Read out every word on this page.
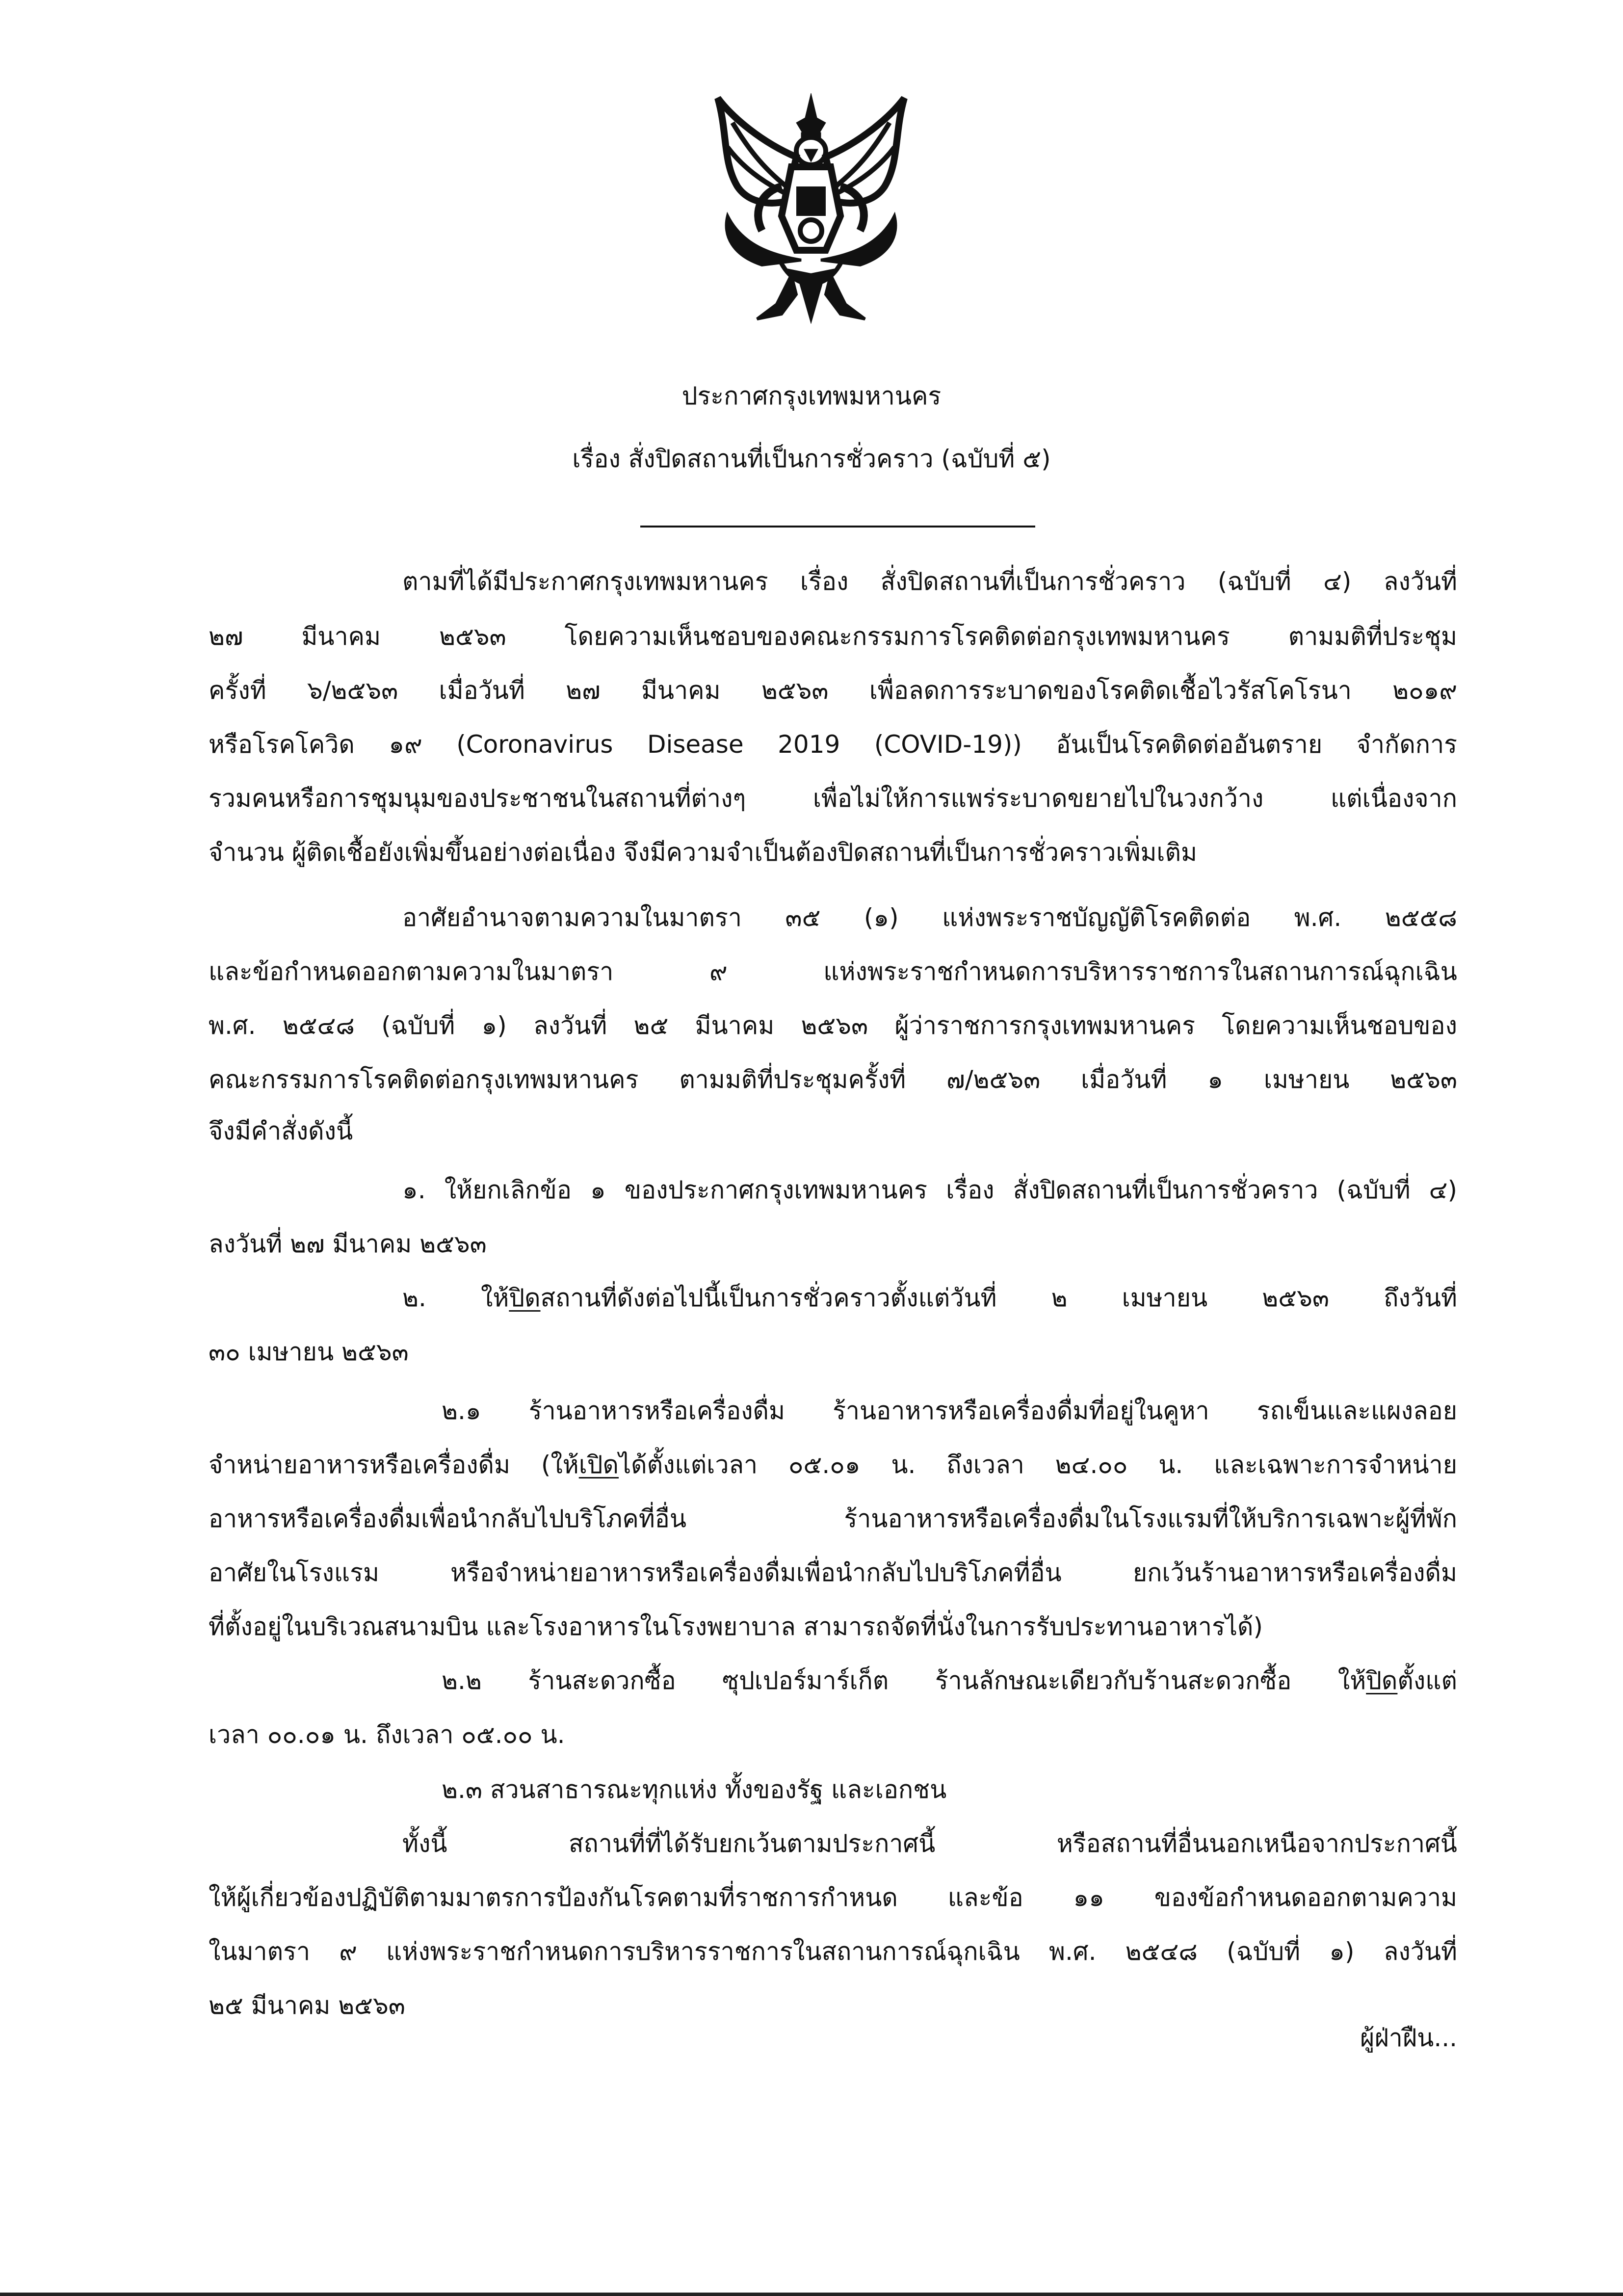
ประกาศกรุงเทพมหานคร
เรื่อง สั่งปิดสถานที่เป็นการชั่วคราว (ฉบับที่ ๕)
ตามที่ได้มีประกาศกรุงเทพมหานคร เรื่อง สั่งปิดสถานที่เป็นการชั่วคราว (ฉบับที่ ๔) ลงวันที่
๒๗ มีนาคม ๒๕๖๓ โดยความเห็นชอบของคณะกรรมการโรคติดต่อกรุงเทพมหานคร ตามมติที่ประชุม
ครั้งที่ ๖/๒๕๖๓ เมื่อวันที่ ๒๗ มีนาคม ๒๕๖๓ เพื่อลดการระบาดของโรคติดเชื้อไวรัสโคโรนา ๒๐๑๙
หรือโรคโควิด ๑๙ (Coronavirus Disease 2019 (COVID-19)) อันเป็นโรคติดต่ออันตราย จำกัดการ
รวมคนหรือการชุมนุมของประชาชนในสถานที่ต่างๆ เพื่อไม่ให้การแพร่ระบาดขยายไปในวงกว้าง แต่เนื่องจาก
จำนวน ผู้ติดเชื้อยังเพิ่มขึ้นอย่างต่อเนื่อง จึงมีความจำเป็นต้องปิดสถานที่เป็นการชั่วคราวเพิ่มเติม
อาศัยอำนาจตามความในมาตรา ๓๕ (๑) แห่งพระราชบัญญัติโรคติดต่อ พ.ศ. ๒๕๕๘
และข้อกำหนดออกตามความในมาตรา ๙ แห่งพระราชกำหนดการบริหารราชการในสถานการณ์ฉุกเฉิน
พ.ศ. ๒๕๔๘ (ฉบับที่ ๑) ลงวันที่ ๒๕ มีนาคม ๒๕๖๓ ผู้ว่าราชการกรุงเทพมหานคร โดยความเห็นชอบของ
คณะกรรมการโรคติดต่อกรุงเทพมหานคร ตามมติที่ประชุมครั้งที่ ๗/๒๕๖๓ เมื่อวันที่ ๑ เมษายน ๒๕๖๓
จึงมีคำสั่งดังนี้
๑. ให้ยกเลิกข้อ ๑ ของประกาศกรุงเทพมหานคร เรื่อง สั่งปิดสถานที่เป็นการชั่วคราว (ฉบับที่ ๔)
ลงวันที่ ๒๗ มีนาคม ๒๕๖๓
๒. ให้ปิดสถานที่ดังต่อไปนี้เป็นการชั่วคราวตั้งแต่วันที่ ๒ เมษายน ๒๕๖๓ ถึงวันที่
๓๐ เมษายน ๒๕๖๓
๒.๑ ร้านอาหารหรือเครื่องดื่ม ร้านอาหารหรือเครื่องดื่มที่อยู่ในคูหา รถเข็นและแผงลอย
จำหน่ายอาหารหรือเครื่องดื่ม (ให้เปิดได้ตั้งแต่เวลา ๐๕.๐๑ น. ถึงเวลา ๒๔.๐๐ น. และเฉพาะการจำหน่าย
อาหารหรือเครื่องดื่มเพื่อนำกลับไปบริโภคที่อื่น ร้านอาหารหรือเครื่องดื่มในโรงแรมที่ให้บริการเฉพาะผู้ที่พัก
อาศัยในโรงแรม หรือจำหน่ายอาหารหรือเครื่องดื่มเพื่อนำกลับไปบริโภคที่อื่น ยกเว้นร้านอาหารหรือเครื่องดื่ม
ที่ตั้งอยู่ในบริเวณสนามบิน และโรงอาหารในโรงพยาบาล สามารถจัดที่นั่งในการรับประทานอาหารได้)
๒.๒ ร้านสะดวกซื้อ ซุปเปอร์มาร์เก็ต ร้านลักษณะเดียวกับร้านสะดวกซื้อ ให้ปิดตั้งแต่
เวลา ๐๐.๐๑ น. ถึงเวลา ๐๕.๐๐ น.
๒.๓ สวนสาธารณะทุกแห่ง ทั้งของรัฐ และเอกชน
ทั้งนี้ สถานที่ที่ได้รับยกเว้นตามประกาศนี้ หรือสถานที่อื่นนอกเหนือจากประกาศนี้
ให้ผู้เกี่ยวข้องปฏิบัติตามมาตรการป้องกันโรคตามที่ราชการกำหนด และข้อ ๑๑ ของข้อกำหนดออกตามความ
ในมาตรา ๙ แห่งพระราชกำหนดการบริหารราชการในสถานการณ์ฉุกเฉิน พ.ศ. ๒๕๔๘ (ฉบับที่ ๑) ลงวันที่
๒๕ มีนาคม ๒๕๖๓
ผู้ฝ่าฝืน...
